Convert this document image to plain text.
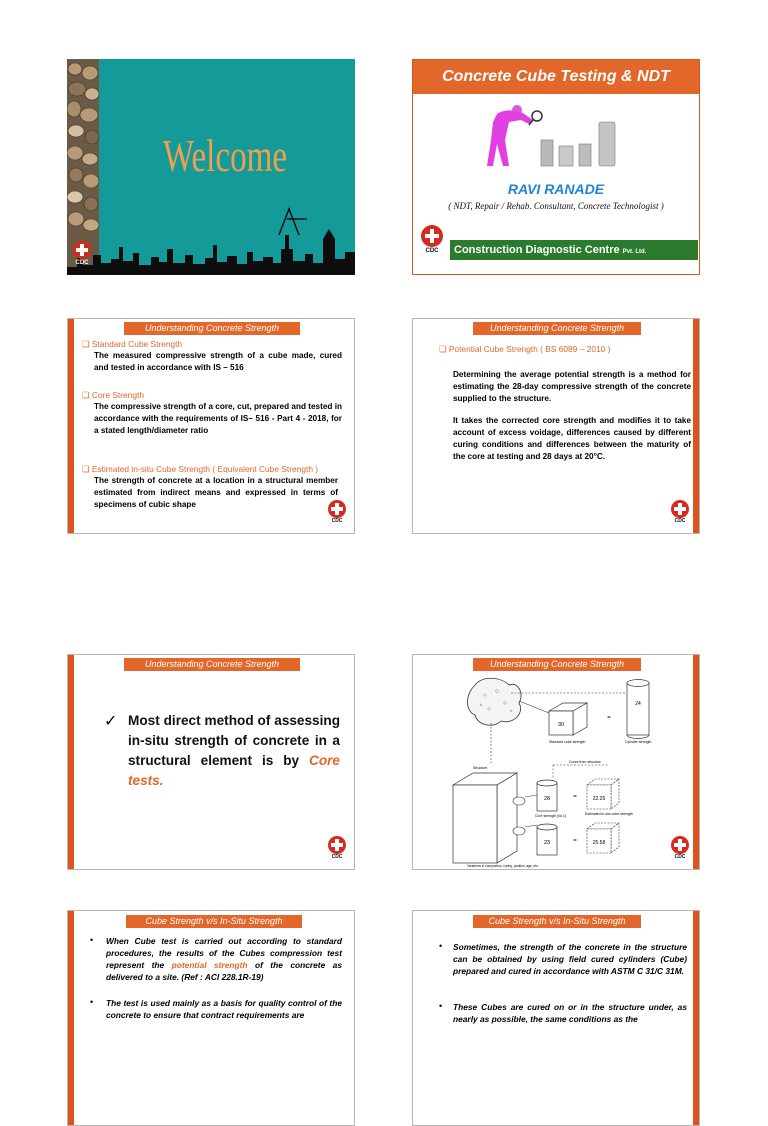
Welcome
CDC
Concrete Cube Testing & NDT
RAVI RANADE
( NDT, Repair / Rehab. Consultant, Concrete Technologist )
CDC	Construction Diagnostic Centre Pvt. Ltd.
Understanding Concrete Strength
❑ Standard Cube Strength
The measured compressive strength of a cube made, cured and tested in accordance with IS – 516
❑ Core Strength
The compressive strength of a core, cut, prepared and tested in accordance with the requirements of IS– 516 - Part 4 - 2018, for a stated length/diameter ratio
❑ Estimated in-situ Cube Strength ( Equivalent Cube Strength )
The strength of concrete at a location in a structural member estimated from indirect means and expressed in terms of specimens of cubic shape
CDC
Understanding Concrete Strength
❑ Potential Cube Strength ( BS 6089 – 2010 )
Determining the average potential strength is a method for estimating the 28-day compressive strength of the concrete supplied to the structure.
It takes the corrected core strength and modifies it to take account of excess voidage, differences caused by different curing conditions and differences between the maturity of the core at testing and 28 days at 20°C.
CDC
Understanding Concrete Strength
✓ Most direct method of assessing in-situ strength of concrete in a structural element is by Core tests.
CDC
Understanding Concrete Strength
30
=
24
Standard cube strength	Cylinder strength
Cores from structure
Structure
28	=	22.25
Core strength (l/d 1)	Estimated in situ cube strength
23	=	25.58
Variations in compaction, curing, position, age, etc.
CDC
Cube Strength v/s In-Situ Strength
• When Cube test is carried out according to standard procedures, the results of the Cubes compression test represent the potential strength of the concrete as delivered to a site. (Ref : ACI 228.1R-19)
• The test is used mainly as a basis for quality control of the concrete to ensure that contract requirements are
Cube Strength v/s In-Situ Strength
• Sometimes, the strength of the concrete in the structure can be obtained by using field cured cylinders (Cube) prepared and cured in accordance with ASTM C 31/C 31M.
• These Cubes are cured on or in the structure under, as nearly as possible, the same conditions as the
